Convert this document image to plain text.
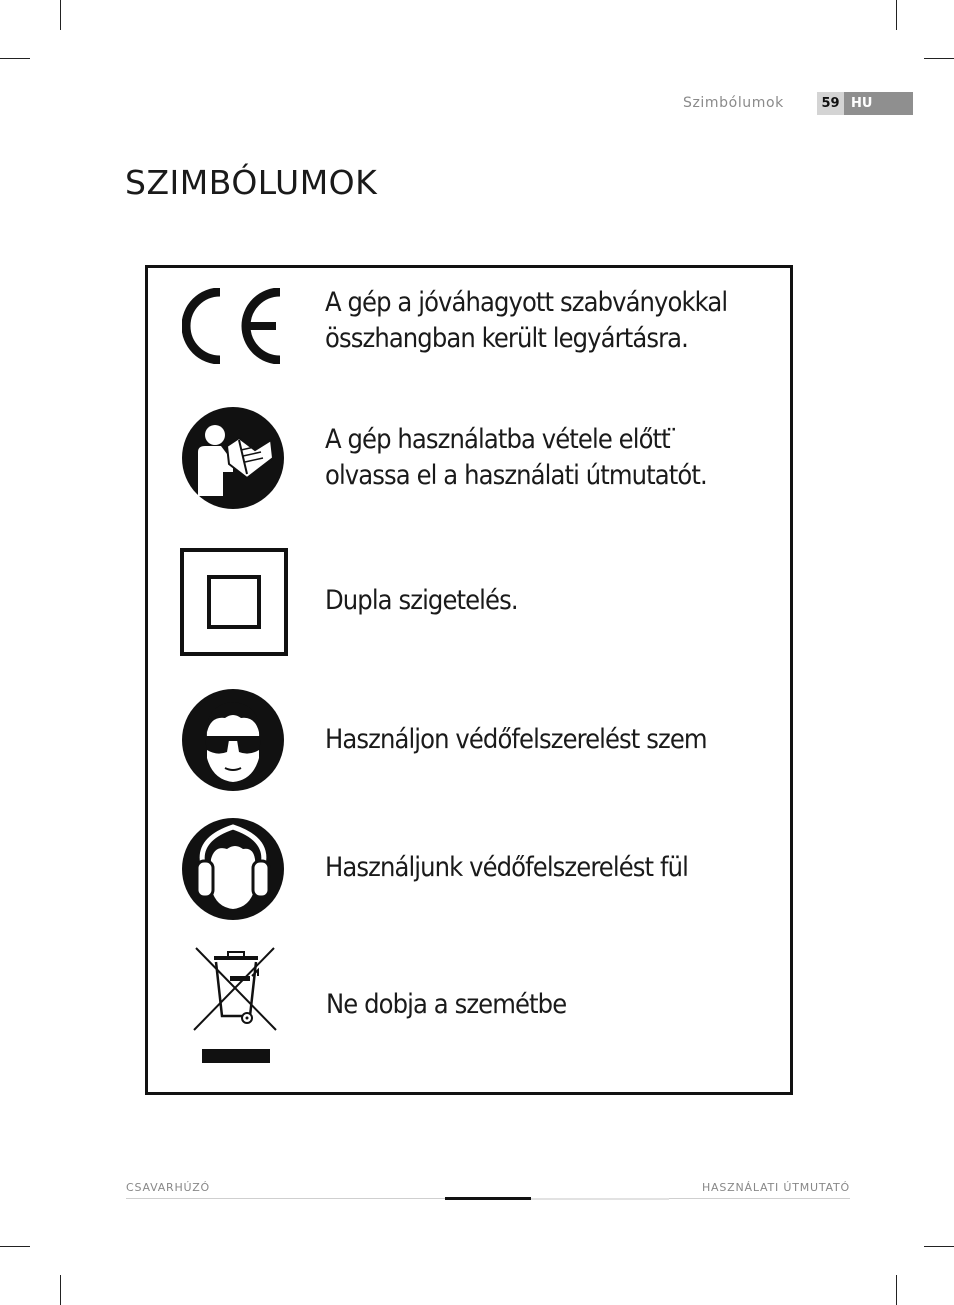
Szimbólumok	59 HU
SZIMBÓLUMOK
A gép a jóváhagyott szabványokkal
összhangban került legyártásra.
A gép használatba vétele előtt ̈
olvassa el a használati útmutatót.
Dupla szigetelés.
Használjon védőfelszerelést szem
Használjunk védőfelszerelést fül
Ne dobja a szemétbe
CSAVARHÚZÓ	HASZNÁLATI ÚTMUTATÓ
